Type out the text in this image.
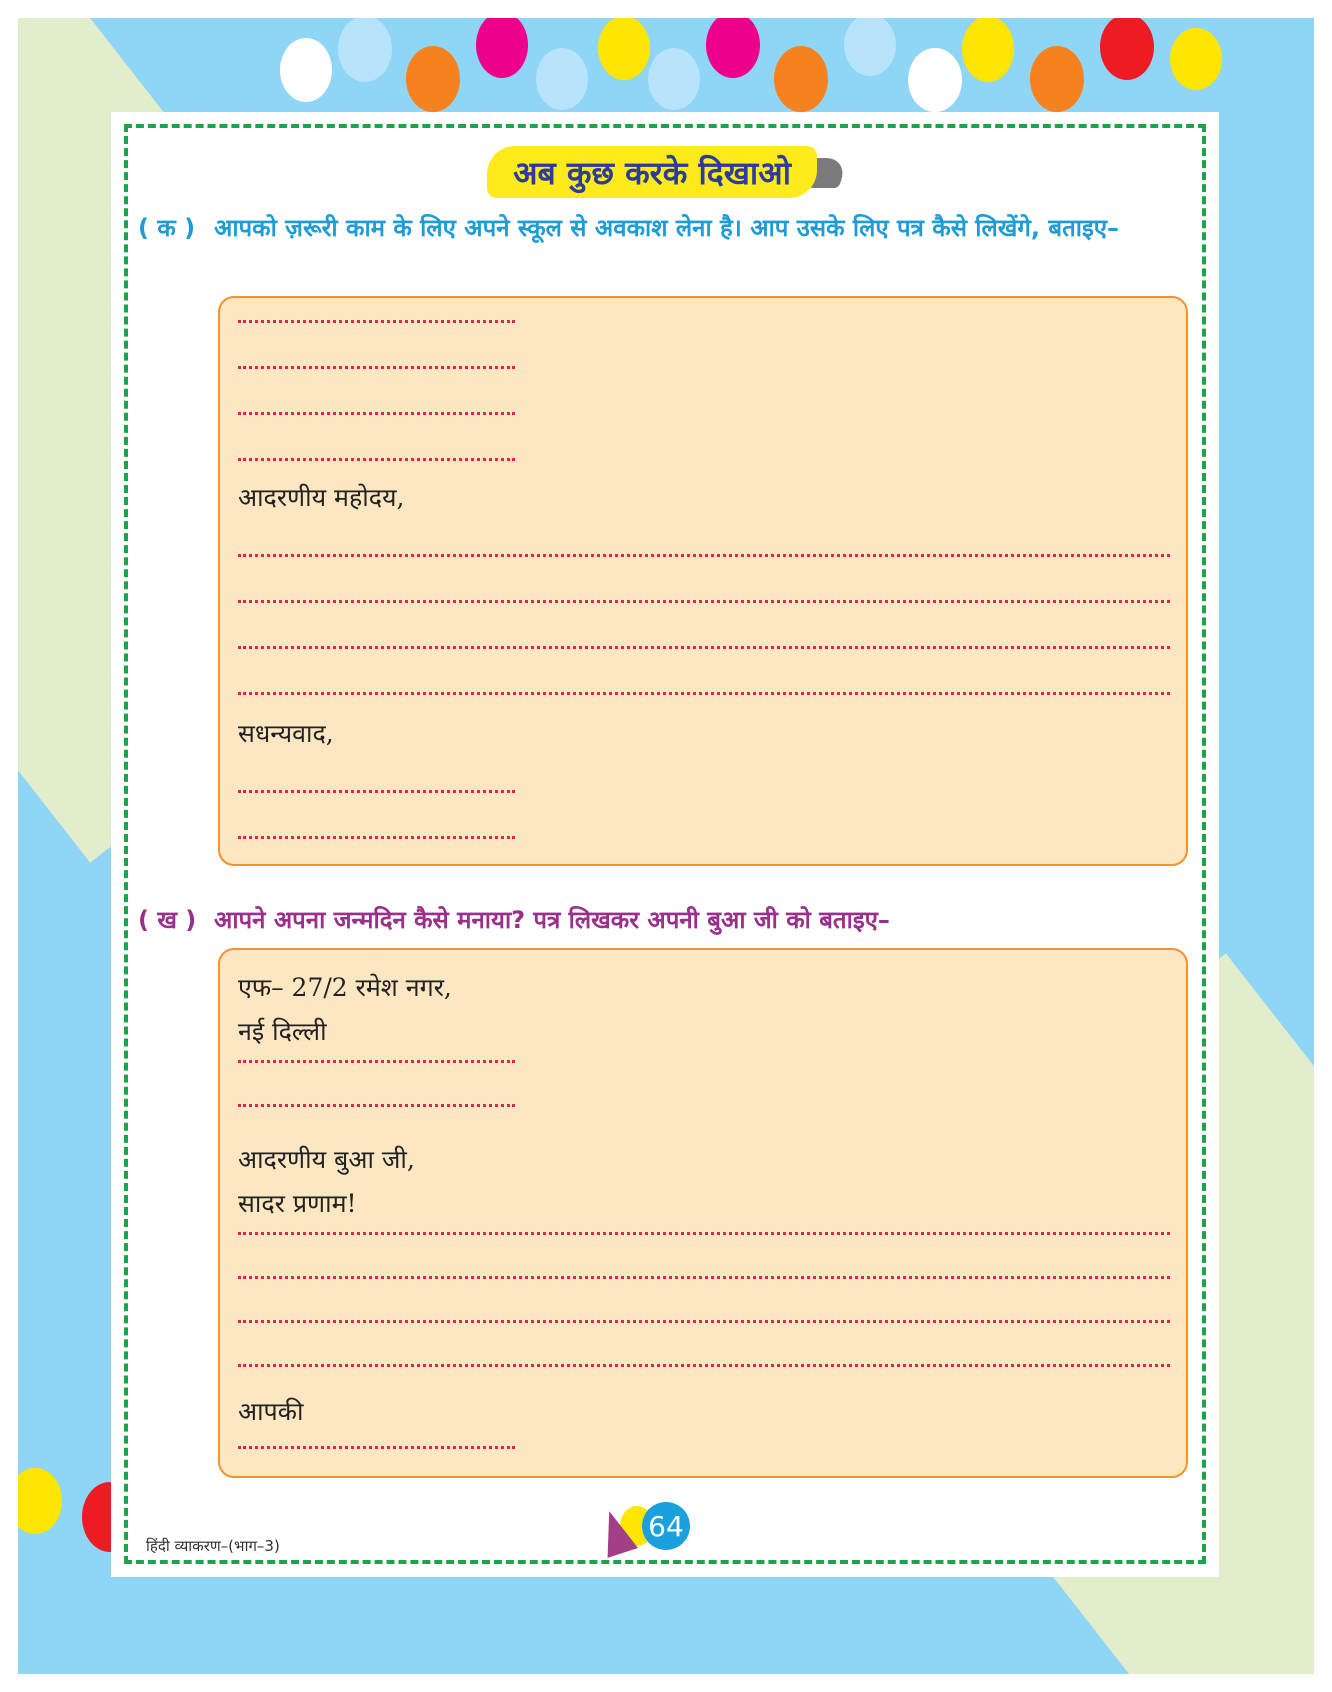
अब कुछ करके दिखाओ
( क ) आपको ज़रूरी काम के लिए अपने स्कूल से अवकाश लेना है। आप उसके लिए पत्र कैसे लिखेंगे, बताइए–
आदरणीय महोदय,
सधन्यवाद,
( ख ) आपने अपना जन्मदिन कैसे मनाया? पत्र लिखकर अपनी बुआ जी को बताइए–
एफ– 27/2 रमेश नगर,
नई दिल्ली
आदरणीय बुआ जी,
सादर प्रणाम!
आपकी
64
हिंदी व्याकरण–(भाग–3)
